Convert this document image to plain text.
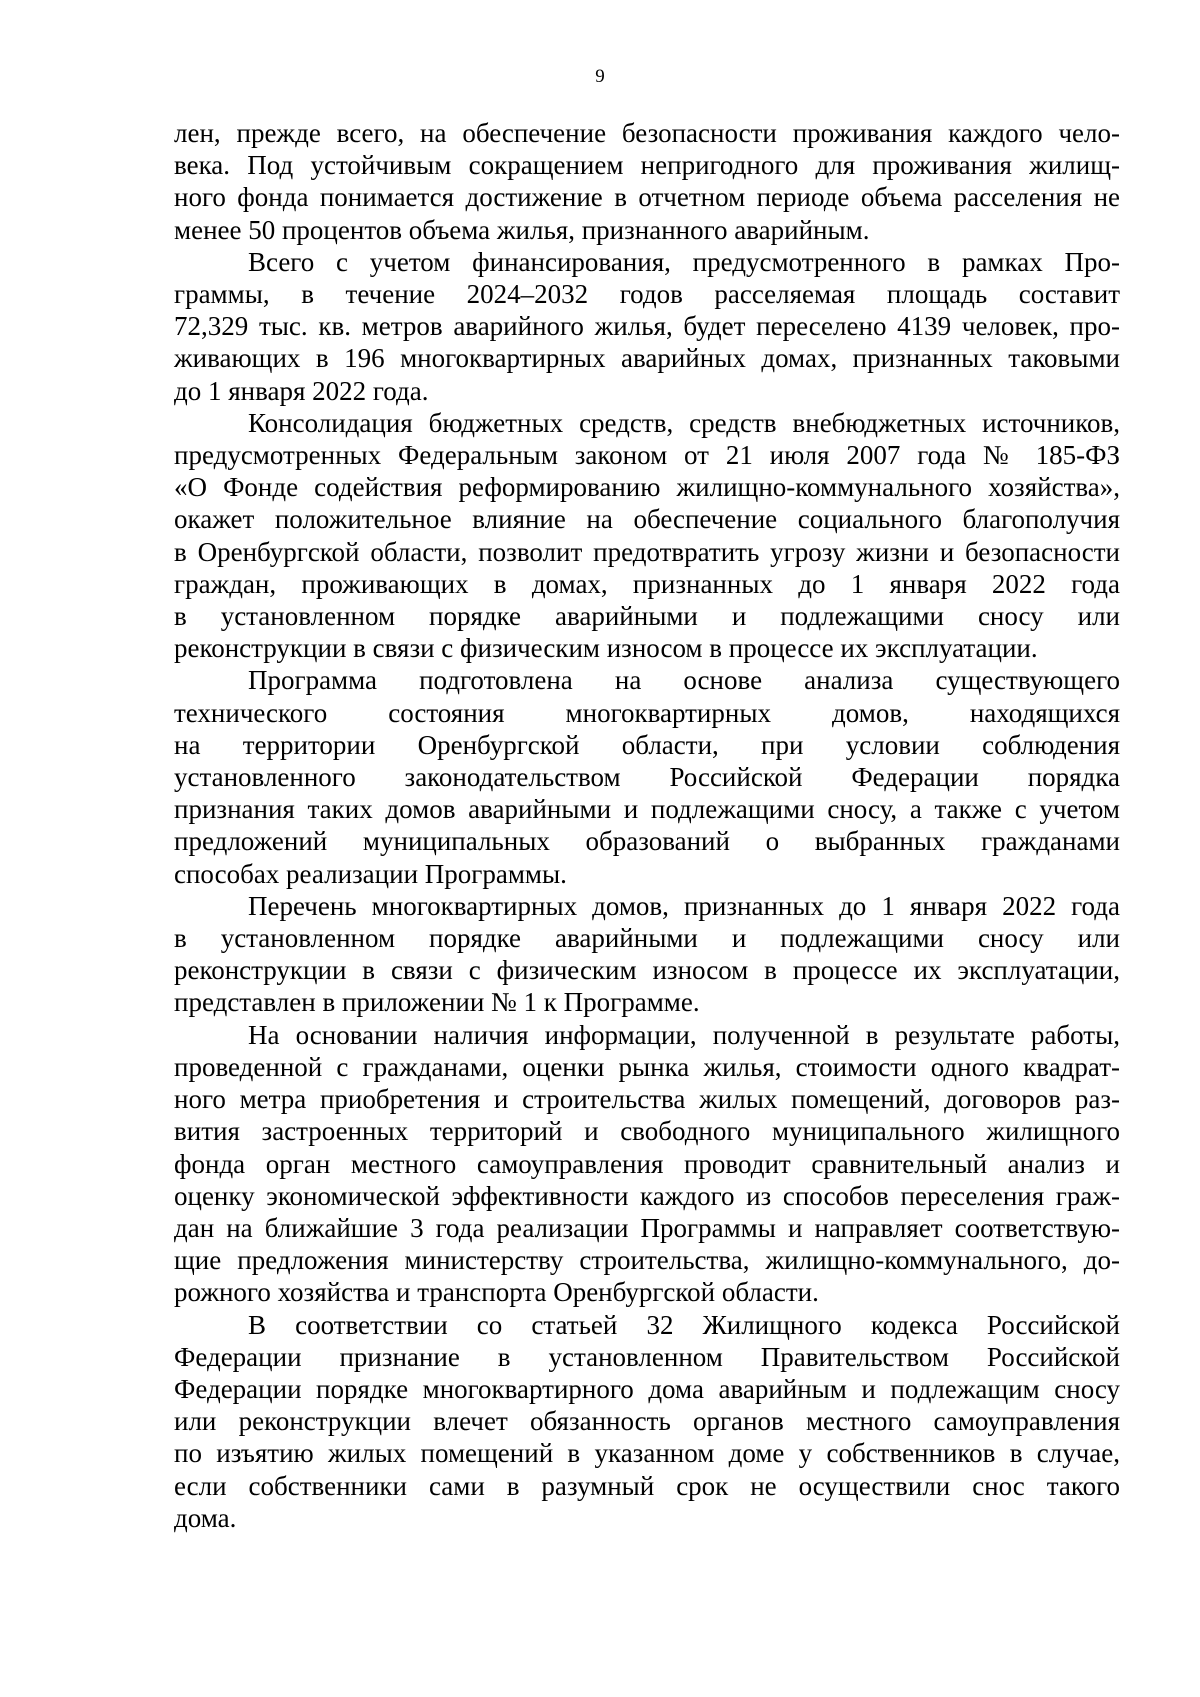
9
лен, прежде всего, на обеспечение безопасности проживания каждого чело-
века. Под устойчивым сокращением непригодного для проживания жилищ-
ного фонда понимается достижение в отчетном периоде объема расселения не
менее 50 процентов объема жилья, признанного аварийным.
Всего с учетом финансирования, предусмотренного в рамках Про-
граммы, в течение 2024–2032 годов расселяемая площадь составит
72,329 тыс. кв. метров аварийного жилья, будет переселено 4139 человек, про-
живающих в 196 многоквартирных аварийных домах, признанных таковыми
до 1 января 2022 года.
Консолидация бюджетных средств, средств внебюджетных источников,
предусмотренных Федеральным законом от 21 июля 2007 года № 185-ФЗ
«О Фонде содействия реформированию жилищно-коммунального хозяйства»,
окажет положительное влияние на обеспечение социального благополучия
в Оренбургской области, позволит предотвратить угрозу жизни и безопасности
граждан, проживающих в домах, признанных до 1 января 2022 года
в установленном порядке аварийными и подлежащими сносу или
реконструкции в связи с физическим износом в процессе их эксплуатации.
Программа подготовлена на основе анализа существующего
технического состояния многоквартирных домов, находящихся
на территории Оренбургской области, при условии соблюдения
установленного законодательством Российской Федерации порядка
признания таких домов аварийными и подлежащими сносу, а также с учетом
предложений муниципальных образований о выбранных гражданами
способах реализации Программы.
Перечень многоквартирных домов, признанных до 1 января 2022 года
в установленном порядке аварийными и подлежащими сносу или
реконструкции в связи с физическим износом в процессе их эксплуатации,
представлен в приложении № 1 к Программе.
На основании наличия информации, полученной в результате работы,
проведенной с гражданами, оценки рынка жилья, стоимости одного квадрат-
ного метра приобретения и строительства жилых помещений, договоров раз-
вития застроенных территорий и свободного муниципального жилищного
фонда орган местного самоуправления проводит сравнительный анализ и
оценку экономической эффективности каждого из способов переселения граж-
дан на ближайшие 3 года реализации Программы и направляет соответствую-
щие предложения министерству строительства, жилищно-коммунального, до-
рожного хозяйства и транспорта Оренбургской области.
В соответствии со статьей 32 Жилищного кодекса Российской
Федерации признание в установленном Правительством Российской
Федерации порядке многоквартирного дома аварийным и подлежащим сносу
или реконструкции влечет обязанность органов местного самоуправления
по изъятию жилых помещений в указанном доме у собственников в случае,
если собственники сами в разумный срок не осуществили снос такого
дома.
